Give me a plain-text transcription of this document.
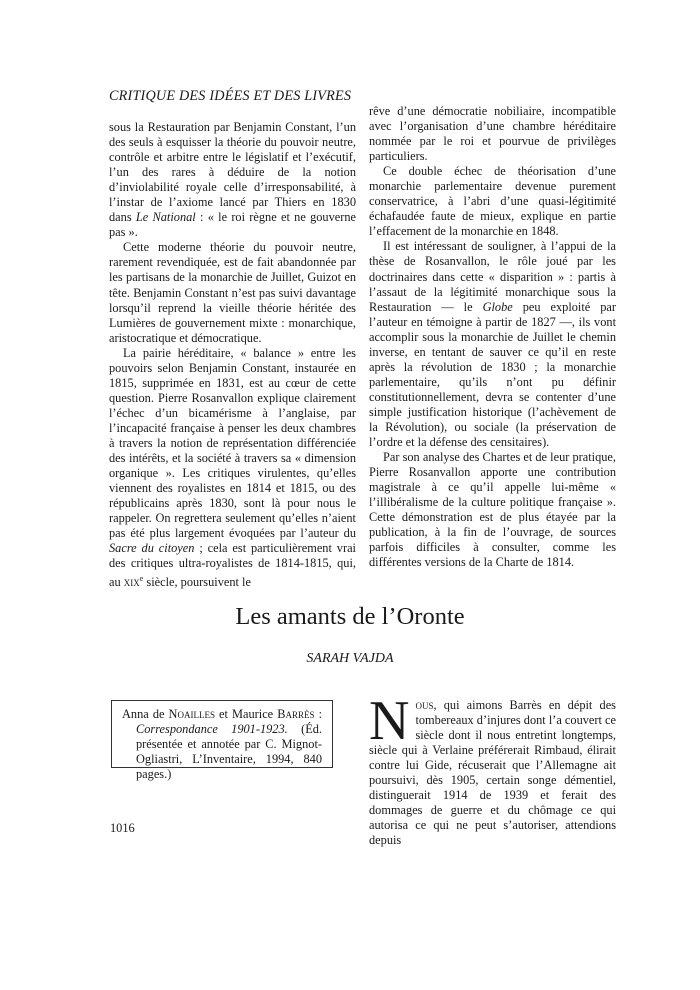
CRITIQUE DES IDÉES ET DES LIVRES

sous la Restauration par Benjamin Constant, l’un des seuls à esquisser la théorie du pouvoir neutre, contrôle et arbitre entre le législatif et l’exécutif, l’un des rares à déduire de la notion d’inviolabilité royale celle d’irresponsabilité, à l’instar de l’axiome lancé par Thiers en 1830 dans Le National : « le roi règne et ne gouverne pas ».

Cette moderne théorie du pouvoir neutre, rarement revendiquée, est de fait abandonnée par les partisans de la monarchie de Juillet, Guizot en tête. Benjamin Constant n’est pas suivi davantage lorsqu’il reprend la vieille théorie héritée des Lumières de gouvernement mixte : monarchique, aristocratique et démocratique.

La pairie héréditaire, « balance » entre les pouvoirs selon Benjamin Constant, instaurée en 1815, supprimée en 1831, est au cœur de cette question. Pierre Rosanvallon explique clairement l’échec d’un bicamérisme à l’anglaise, par l’incapacité française à penser les deux chambres à travers la notion de représentation différenciée des intérêts, et la société à travers sa « dimension organique ». Les critiques virulentes, qu’elles viennent des royalistes en 1814 et 1815, ou des républicains après 1830, sont là pour nous le rappeler. On regrettera seulement qu’elles n’aient pas été plus largement évoquées par l’auteur du Sacre du citoyen ; cela est particulièrement vrai des critiques ultra-royalistes de 1814-1815, qui, au xix$^e$ siècle, poursuivent le

rêve d’une démocratie nobiliaire, incompatible avec l’organisation d’une chambre héréditaire nommée par le roi et pourvue de privilèges particuliers.

Ce double échec de théorisation d’une monarchie parlementaire devenue purement conservatrice, à l’abri d’une quasi-légitimité échafaudée faute de mieux, explique en partie l’effacement de la monarchie en 1848.

Il est intéressant de souligner, à l’appui de la thèse de Rosanvallon, le rôle joué par les doctrinaires dans cette « disparition » : partis à l’assaut de la légitimité monarchique sous la Restauration — le Globe peu exploité par l’auteur en témoigne à partir de 1827 —, ils vont accomplir sous la monarchie de Juillet le chemin inverse, en tentant de sauver ce qu’il en reste après la révolution de 1830 ; la monarchie parlementaire, qu’ils n’ont pu définir constitutionnellement, devra se contenter d’une simple justification historique (l’achèvement de la Révolution), ou sociale (la préservation de l’ordre et la défense des censitaires).

Par son analyse des Chartes et de leur pratique, Pierre Rosanvallon apporte une contribution magistrale à ce qu’il appelle lui-même « l’illibéralisme de la culture politique française ». Cette démonstration est de plus étayée par la publication, à la fin de l’ouvrage, de sources parfois difficiles à consulter, comme les différentes versions de la Charte de 1814.

Les amants de l’Oronte
SARAH VAJDA
Anna de Noailles et Maurice Barrès : Correspondance 1901-1923. (Éd. présentée et annotée par C. Mignot-Ogliastri, L’Inventaire, 1994, 840 pages.)
Nous, qui aimons Barrès en dépit des tombereaux d’injures dont l’a couvert ce siècle dont il nous entretint longtemps, siècle qui à Verlaine préférerait Rimbaud, élirait contre lui Gide, récuserait que l’Allemagne ait poursuivi, dès 1905, certain songe démentiel, distinguerait 1914 de 1939 et ferait des dommages de guerre et du chômage ce qui autorisa ce qui ne peut s’autoriser, attendions depuis
1016
